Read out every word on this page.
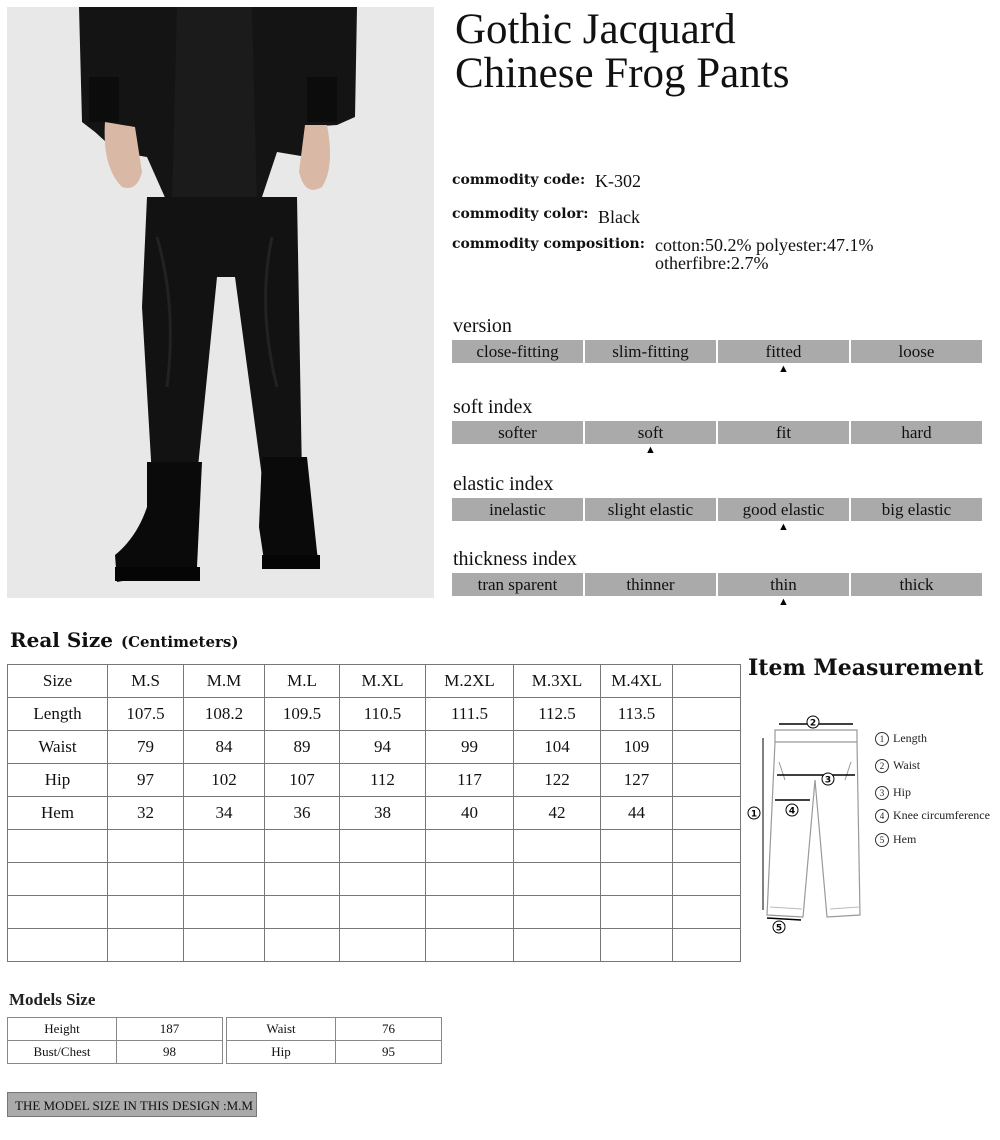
Gothic Jacquard
Chinese Frog Pants
commodity code: K-302
commodity color: Black
commodity composition: cotton:50.2% polyester:47.1%
otherfibre:2.7%
version
close-fitting	slim-fitting	fitted
▲
loose
soft index
softer	soft
▲
fit	hard
elastic index
inelastic	slight elastic	good elastic
▲
big elastic
thickness index
tran sparent	thinner	thin
▲
thick
Real Size (Centimeters)
Size	M.S	M.M	M.L	M.XL	M.2XL	M.3XL	M.4XL	
Length	107.5	108.2	109.5	110.5	111.5	112.5	113.5	
Waist	79	84	89	94	99	104	109	
Hip	97	102	107	112	117	122	127	
Hem	32	34	36	38	40	42	44	

Item Measurement
2
3
4
1
5
1 Length
2 Waist
3 Hip
4 Knee circumference
5 Hem
Models Size
Height	187
Bust/Chest	98
Waist	76
Hip	95
THE MODEL SIZE IN THIS DESIGN :M.M
